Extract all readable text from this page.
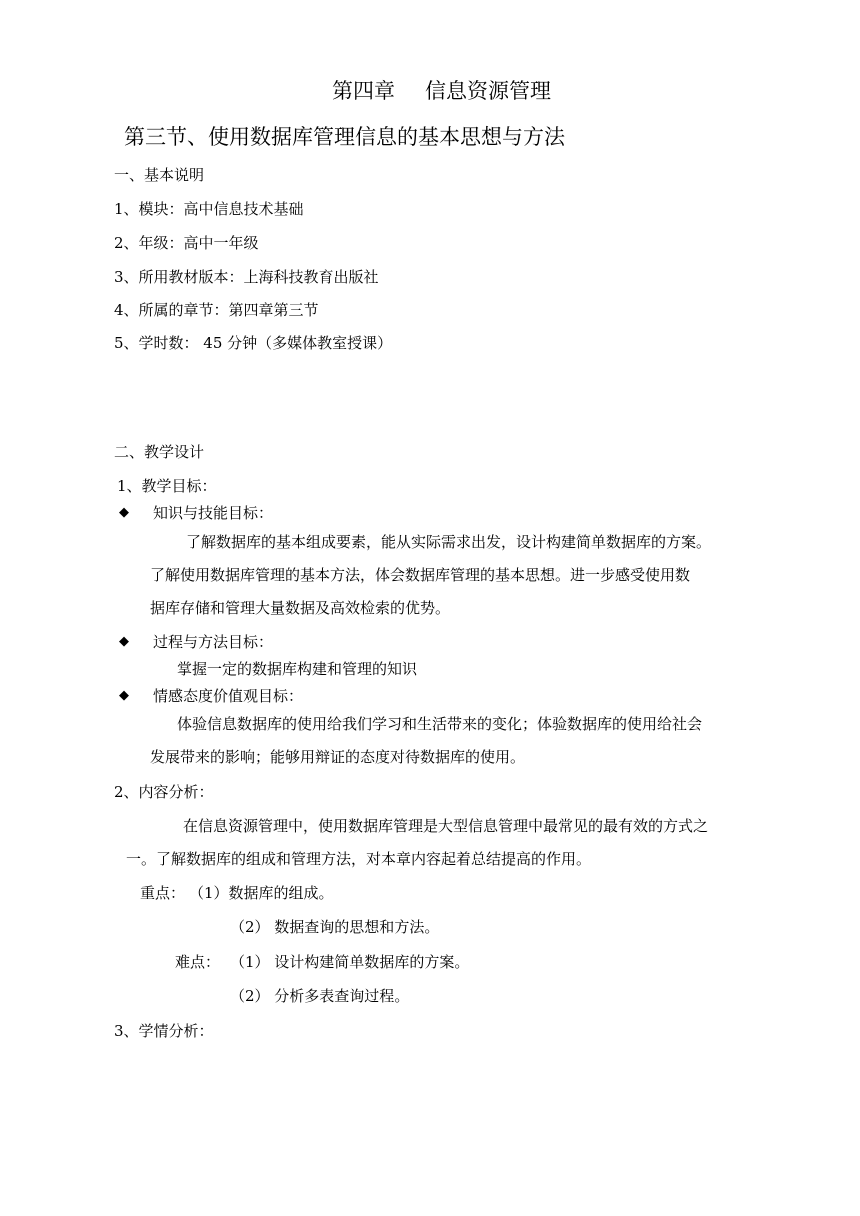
第四章 信息资源管理
第三节、使用数据库管理信息的基本思想与方法
一、基本说明
1、模块：高中信息技术基础
2、年级：高中一年级
3、所用教材版本：上海科技教育出版社
4、所属的章节：第四章第三节
5、学时数： 45 分钟（多媒体教室授课）
二、教学设计
1、教学目标：
◆ 知识与技能目标：
了解数据库的基本组成要素，能从实际需求出发，设计构建简单数据库的方案。
了解使用数据库管理的基本方法，体会数据库管理的基本思想。进一步感受使用数
据库存储和管理大量数据及高效检索的优势。
◆ 过程与方法目标：
掌握一定的数据库构建和管理的知识
◆ 情感态度价值观目标：
体验信息数据库的使用给我们学习和生活带来的变化；体验数据库的使用给社会
发展带来的影响；能够用辩证的态度对待数据库的使用。
2、内容分析：
在信息资源管理中，使用数据库管理是大型信息管理中最常见的最有效的方式之
一。了解数据库的组成和管理方法，对本章内容起着总结提高的作用。
重点： （1）数据库的组成。
（2） 数据查询的思想和方法。
难点： （1） 设计构建简单数据库的方案。
（2） 分析多表查询过程。
3、学情分析：
